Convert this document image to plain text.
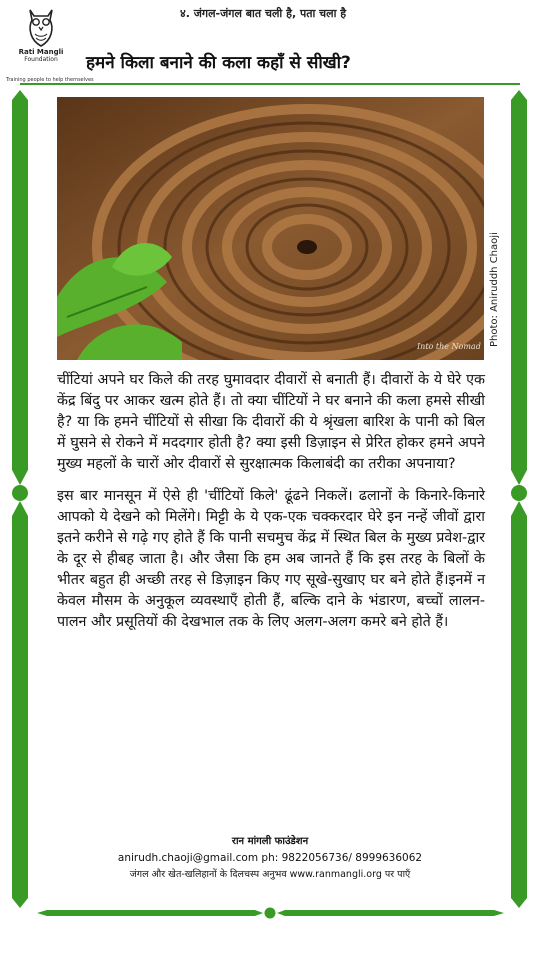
Rati Mangli
Foundation
Training people to help themselves
४. जंगल-जंगल बात चली है, पता चला है
हमने किला बनाने की कला कहाँ से सीखी?
Into the Nomad Photo: Aniruddh Chaoji

चींटियां अपने घर किले की तरह घुमावदार दीवारों से बनाती हैं। दीवारों के ये घेरे एक केंद्र बिंदु पर आकर खत्म होते हैं। तो क्या चींटियों ने घर बनाने की कला हमसे सीखी है? या कि हमने चींटियों से सीखा कि दीवारों की ये श्रृंखला बारिश के पानी को बिल में घुसने से रोकने में मददगार होती है? क्या इसी डिज़ाइन से प्रेरित होकर हमने अपने मुख्य महलों के चारों ओर दीवारों से सुरक्षात्मक किलाबंदी का तरीका अपनाया?

इस बार मानसून में ऐसे ही 'चींटियों किले' ढूंढने निकलें। ढलानों के किनारे-किनारे आपको ये देखने को मिलेंगे। मिट्टी के ये एक-एक चक्करदार घेरे इन नन्हें जीवों द्वारा इतने करीने से गढ़े गए होते हैं कि पानी सचमुच केंद्र में स्थित बिल के मुख्य प्रवेश-द्वार के दूर से हीबह जाता है। और जैसा कि हम अब जानते हैं कि इस तरह के बिलों के भीतर बहुत ही अच्छी तरह से डिज़ाइन किए गए सूखे-सुखाए घर बने होते हैं।इनमें न केवल मौसम के अनुकूल व्यवस्थाएँ होती हैं, बल्कि दाने के भंडारण, बच्चों लालन-पालन और प्रसूतियों की देखभाल तक के लिए अलग-अलग कमरे बने होते हैं।

रान मांगली फाउंडेशन
anirudh.chaoji@gmail.com ph: 9822056736/ 8999636062
जंगल और खेत-खलिहानों के दिलचस्प अनुभव www.ranmangli.org पर पाएँ
